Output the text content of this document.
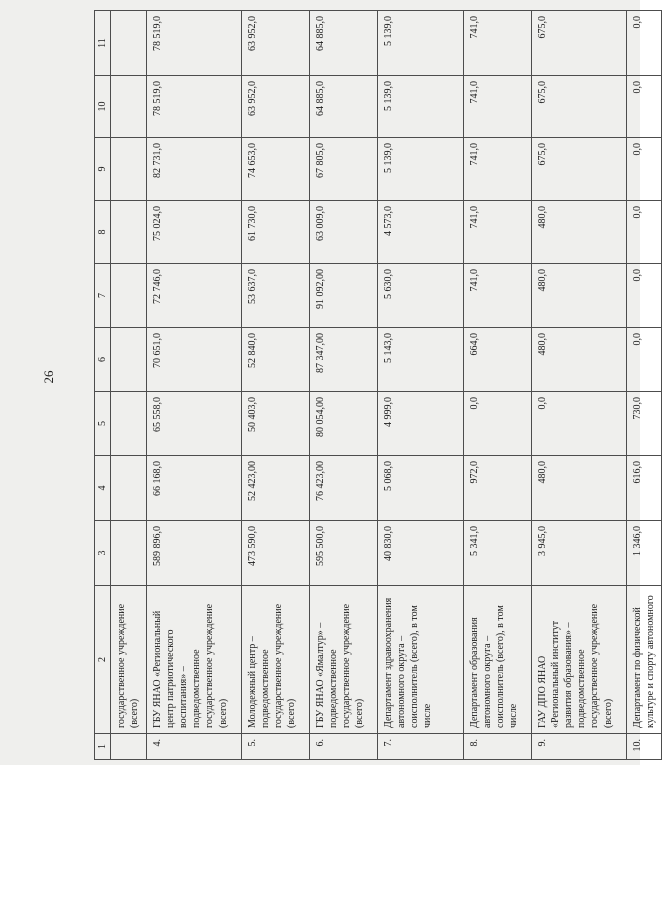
26
1	2	3	4	5	6	7	8	9	10	11
	государственное учреждение (всего)									
4.	ГБУ ЯНАО «Региональный центр патриотического воспитания» – подведомственное государственное учреждение (всего)	589 896,0	66 168,0	65 558,0	70 651,0	72 746,0	75 024,0	82 731,0	78 519,0	78 519,0
5.	Молодежный центр – подведомственное государственное учреждение (всего)	473 590,0	52 423,00	50 403,0	52 840,0	53 637,0	61 730,0	74 653,0	63 952,0	63 952,0
6.	ГБУ ЯНАО «Ямалтур» – подведомственное государственное учреждение (всего)	595 500,0	76 423,00	80 054,00	87 347,00	91 092,00	63 009,0	67 805,0	64 885,0	64 885,0
7.	Департамент здравоохранения автономного округа – соисполнитель (всего), в том числе	40 830,0	5 068,0	4 999,0	5 143,0	5 630,0	4 573,0	5 139,0	5 139,0	5 139,0
8.	Департамент образования автономного округа – соисполнитель (всего), в том числе	5 341,0	972,0	0,0	664,0	741,0	741,0	741,0	741,0	741,0
9.	ГАУ ДПО ЯНАО «Региональный институт развития образования» – подведомственное государственное учреждение (всего)	3 945,0	480,0	0,0	480,0	480,0	480,0	675,0	675,0	675,0
10.	Департамент по физической культуре и спорту автономного	1 346,0	616,0	730,0	0,0	0,0	0,0	0,0	0,0	0,0
